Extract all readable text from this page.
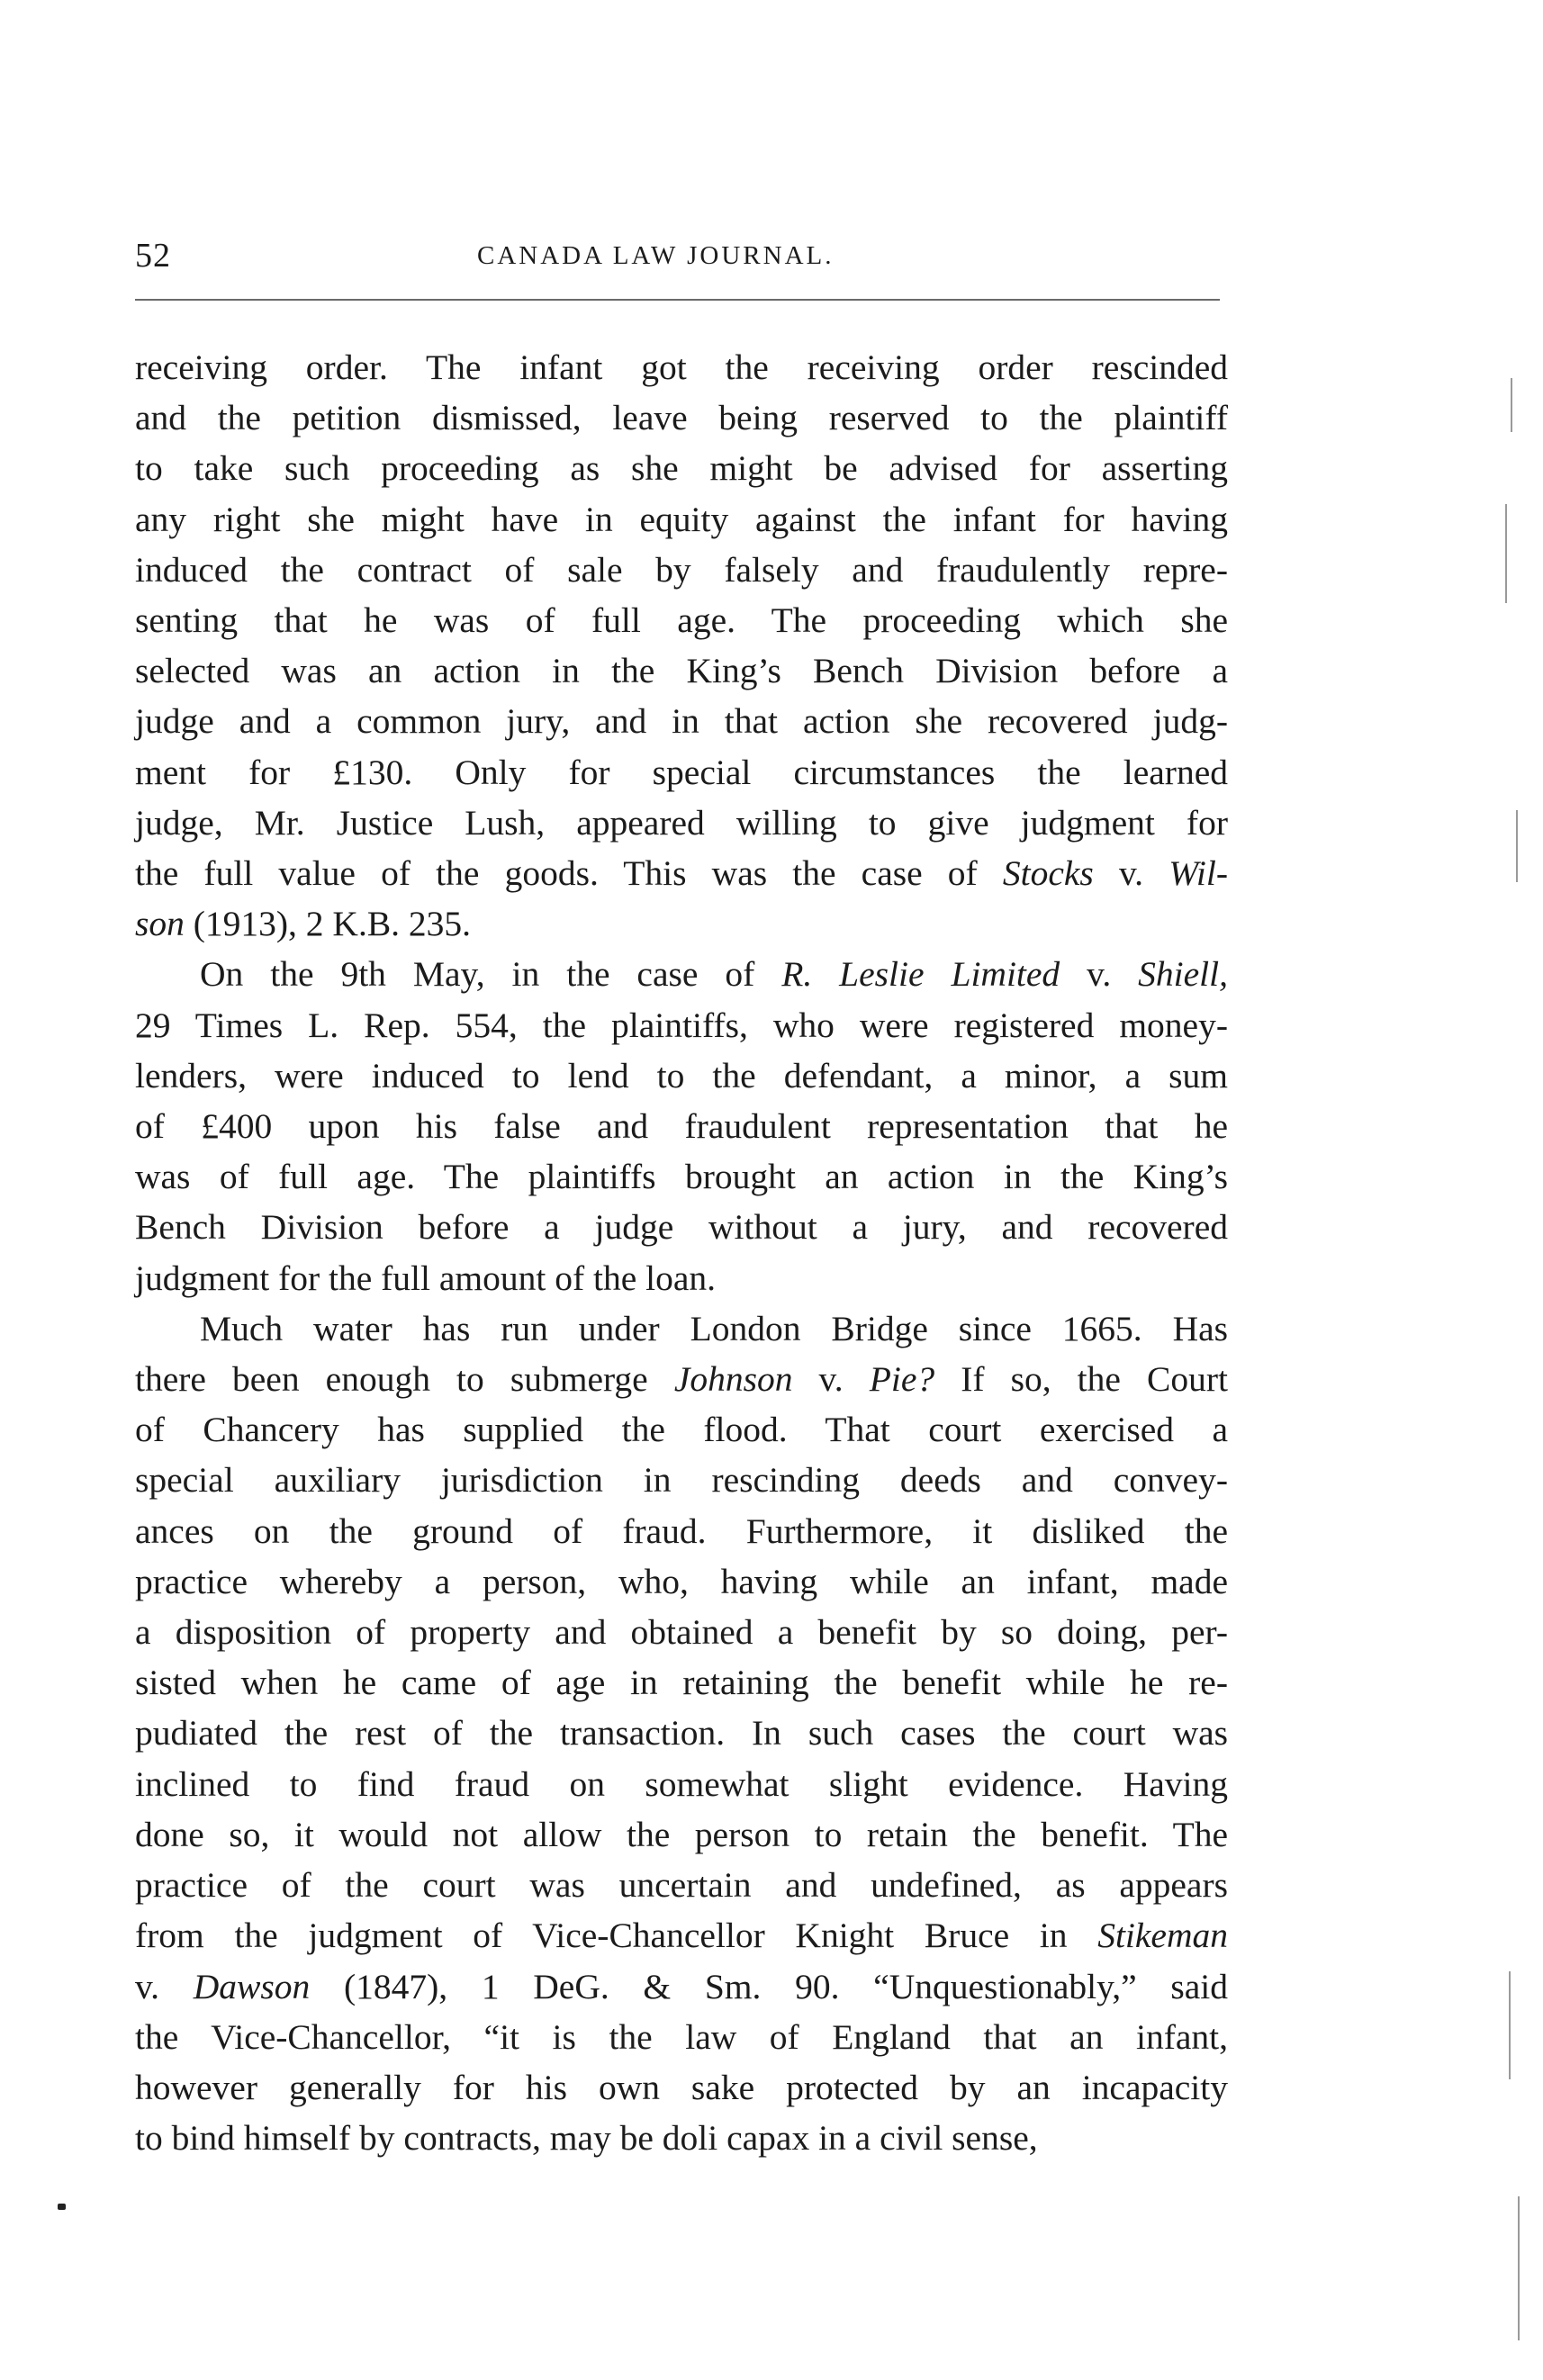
52	CANADA LAW JOURNAL.
receiving order. The infant got the receiving order rescinded
and the petition dismissed, leave being reserved to the plaintiff
to take such proceeding as she might be advised for asserting
any right she might have in equity against the infant for having
induced the contract of sale by falsely and fraudulently repre-
senting that he was of full age. The proceeding which she
selected was an action in the King’s Bench Division before a
judge and a common jury, and in that action she recovered judg-
ment for £130. Only for special circumstances the learned
judge, Mr. Justice Lush, appeared willing to give judgment for
the full value of the goods. This was the case of Stocks v. Wil-
son (1913), 2 K.B. 235.
On the 9th May, in the case of R. Leslie Limited v. Shiell,
29 Times L. Rep. 554, the plaintiffs, who were registered money-
lenders, were induced to lend to the defendant, a minor, a sum
of £400 upon his false and fraudulent representation that he
was of full age. The plaintiffs brought an action in the King’s
Bench Division before a judge without a jury, and recovered
judgment for the full amount of the loan.
Much water has run under London Bridge since 1665. Has
there been enough to submerge Johnson v. Pie? If so, the Court
of Chancery has supplied the flood. That court exercised a
special auxiliary jurisdiction in rescinding deeds and convey-
ances on the ground of fraud. Furthermore, it disliked the
practice whereby a person, who, having while an infant, made
a disposition of property and obtained a benefit by so doing, per-
sisted when he came of age in retaining the benefit while he re-
pudiated the rest of the transaction. In such cases the court was
inclined to find fraud on somewhat slight evidence. Having
done so, it would not allow the person to retain the benefit. The
practice of the court was uncertain and undefined, as appears
from the judgment of Vice-Chancellor Knight Bruce in Stikeman
v. Dawson (1847), 1 DeG. & Sm. 90. “Unquestionably,” said
the Vice-Chancellor, “it is the law of England that an infant,
however generally for his own sake protected by an incapacity
to bind himself by contracts, may be doli capax in a civil sense,
